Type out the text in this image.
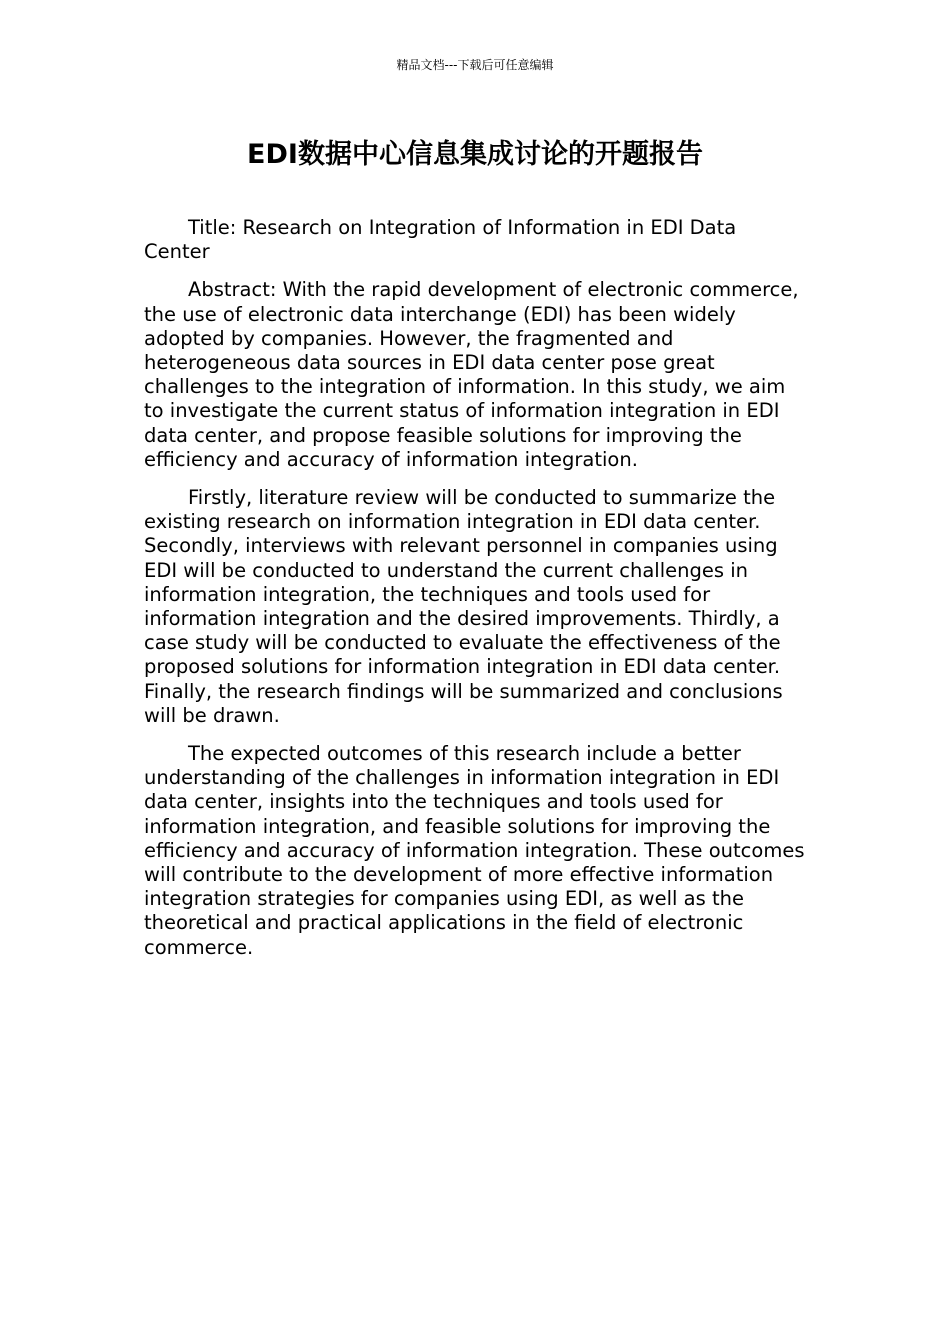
精品文档---下载后可任意编辑
EDI数据中心信息集成讨论的开题报告

Title: Research on Integration of Information in EDI Data Center

Abstract: With the rapid development of electronic commerce, the use of electronic data interchange (EDI) has been widely adopted by companies. However, the fragmented and heterogeneous data sources in EDI data center pose great challenges to the integration of information. In this study, we aim to investigate the current status of information integration in EDI data center, and propose feasible solutions for improving the efficiency and accuracy of information integration.

Firstly, literature review will be conducted to summarize the existing research on information integration in EDI data center. Secondly, interviews with relevant personnel in companies using EDI will be conducted to understand the current challenges in information integration, the techniques and tools used for information integration and the desired improvements. Thirdly, a case study will be conducted to evaluate the effectiveness of the proposed solutions for information integration in EDI data center. Finally, the research findings will be summarized and conclusions will be drawn.

The expected outcomes of this research include a better understanding of the challenges in information integration in EDI data center, insights into the techniques and tools used for information integration, and feasible solutions for improving the efficiency and accuracy of information integration. These outcomes will contribute to the development of more effective information integration strategies for companies using EDI, as well as the theoretical and practical applications in the field of electronic commerce.
